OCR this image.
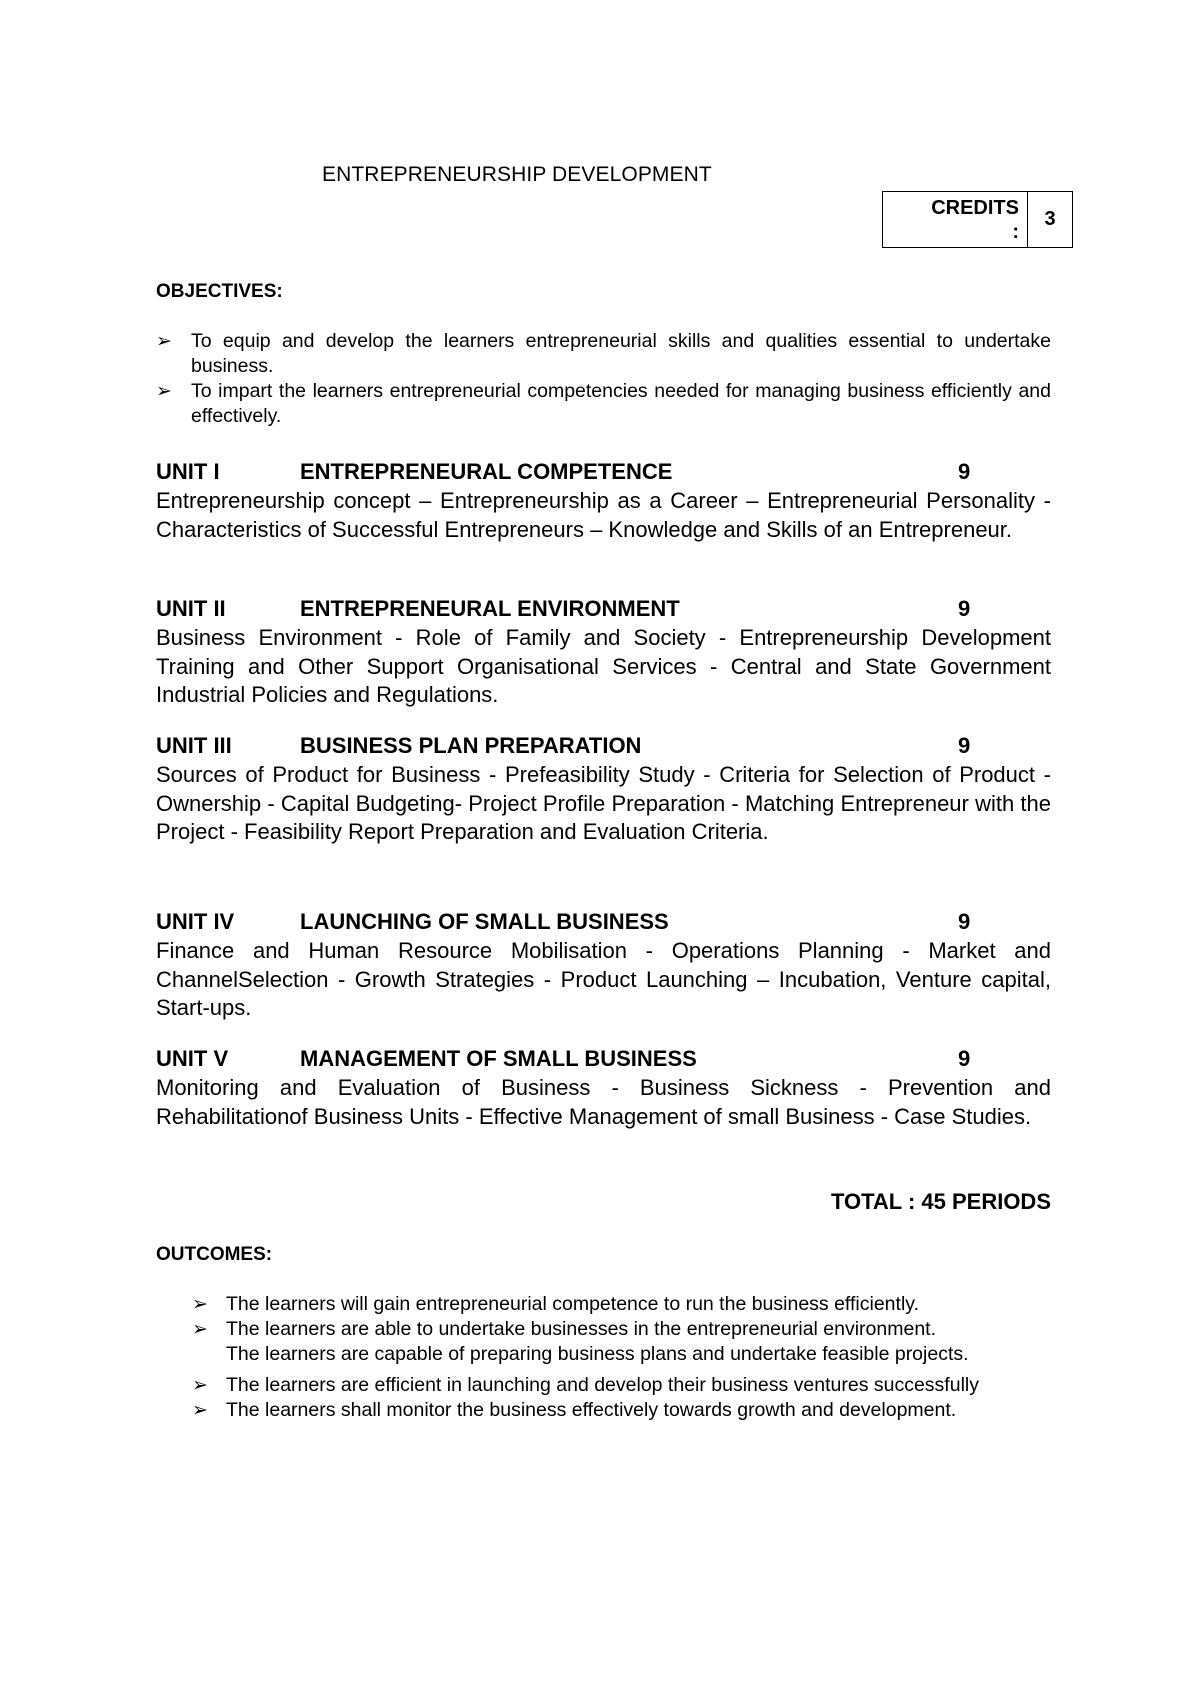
ENTREPRENEURSHIP DEVELOPMENT
CREDITS
:
	3
OBJECTIVES:
➢ To equip and develop the learners entrepreneurial skills and qualities essential to undertake business.
➢ To impart the learners entrepreneurial competencies needed for managing business efficiently and effectively.
UNIT I	ENTREPRENEURAL COMPETENCE	9
Entrepreneurship concept – Entrepreneurship as a Career – Entrepreneurial Personality - Characteristics of Successful Entrepreneurs – Knowledge and Skills of an Entrepreneur.
UNIT II	ENTREPRENEURAL ENVIRONMENT	9
Business Environment - Role of Family and Society - Entrepreneurship Development Training and Other Support Organisational Services - Central and State Government Industrial Policies and Regulations.
UNIT III	BUSINESS PLAN PREPARATION	9
Sources of Product for Business - Prefeasibility Study - Criteria for Selection of Product - Ownership - Capital Budgeting- Project Profile Preparation - Matching Entrepreneur with the Project - Feasibility Report Preparation and Evaluation Criteria.
UNIT IV	LAUNCHING OF SMALL BUSINESS	9
Finance and Human Resource Mobilisation - Operations Planning - Market and ChannelSelection - Growth Strategies - Product Launching – Incubation, Venture capital, Start-ups.
UNIT V	MANAGEMENT OF SMALL BUSINESS	9
Monitoring and Evaluation of Business - Business Sickness - Prevention and Rehabilitationof Business Units - Effective Management of small Business - Case Studies.
TOTAL : 45 PERIODS
OUTCOMES:
➢ The learners will gain entrepreneurial competence to run the business efficiently.
➢ The learners are able to undertake businesses in the entrepreneurial environment.
The learners are capable of preparing business plans and undertake feasible projects.
➢ The learners are efficient in launching and develop their business ventures successfully
➢ The learners shall monitor the business effectively towards growth and development.
